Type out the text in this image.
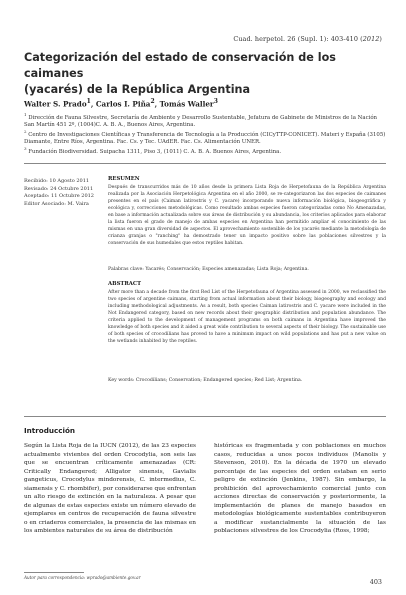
Cuad. herpetol. 26 (Supl. 1): 403-410 (2012)
Categorización del estado de conservación de los caimanes
(yacarés) de la República Argentina
Walter S. Prado$^1$, Carlos I. Piña$^2$, Tomás Waller$^3$
$^1$ Dirección de Fauna Silvestre, Secretaría de Ambiente y Desarrollo Sustentable, Jefatura de Gabinete de Ministros de la Nación San Martín 451 2º, (1004)C. A. B. A., Buenos Aires, Argentina.
$^2$ Centro de Investigaciones Científicas y Transferencia de Tecnología a la Producción (CICyTTP-CONICET). Materi y España (3105) Diamante, Entre Ríos, Argentina. Fac. Cs. y Tec. UAdER. Fac. Cs. Alimentación UNER.
$^3$ Fundación Biodiversidad. Suipacha 1311, Piso 3, (1011) C. A. B. A. Buenos Aires, Argentina.
Recibido: 10 Agosto 2011
Revisado: 24 Octubre 2011
Aceptado: 11 Octubre 2012
Editor Asociado: M. Vaira
RESUMEN
Después de transcurridos más de 10 años desde la primera Lista Roja de Herpetofauna de la República Argentina realizada por la Asociación Herpetológica Argentina en el año 2000, se re-categorizaron las dos especies de caimanes presentes en el país (Caiman latirostris y C. yacare) incorporando nueva información biológica, biogeográfica y ecológica y, correcciones metodológicas. Como resultado ambas especies fueron categorizadas como No Amenazadas, en base a información actualizada sobre sus áreas de distribución y su abundancia, los criterios aplicados para elaborar la lista fueron el grado de manejo de ambas especies en Argentina han permitido ampliar el conocimiento de las mismas en una gran diversidad de aspectos. El aprovechamiento sostenible de los yacarés mediante la metodología de crianza granjas o "ranching" ha demostrado tener un impacto positivo sobre las poblaciones silvestres y la conservación de sus humedales que estos reptiles habitan.
Palabras clave: Yacarés; Conservación; Especies amenazadas; Lista Roja; Argentina.
ABSTRACT
After more than a decade from the first Red List of the Herpetofauna of Argentina assessed in 2000, we reclassified the two species of argentine caimans, starting from actual information about their biology, biogeography and ecology and including methodological adjustments. As a result, both species Caiman latirostris and C. yacare were included in the Not Endangered category, based on new records about their geographic distribution and population abundance. The criteria applied to the development of management programs on both caimans in Argentina have improved the knowledge of both species and it aided a great wide contribution to several aspects of their biology. The sustainable use of both species of crocodilians has proved to have a minimum impact on wild populations and has put a new value on the wetlands inhabited by the reptiles.
Key words: Crocodilians; Conservation; Endangered species; Red List; Argentina.
Introducción
Según la Lista Roja de la IUCN (2012), de las 23 especies actualmente vivientes del orden Crocodylia, son seis las que se encuentran críticamente amenazadas (CR: Critically Endangered; Alligator sinensis, Gavialis gangeticus, Crocodylus mindorensis, C. intermedius, C. siamensis y C. rhombifer), por considerarse que enfrentan un alto riesgo de extinción en la naturaleza. A pesar que de algunas de estas especies existe un número elevado de ejemplares en centros de recuperación de fauna silvestre o en criaderos comerciales, la presencia de las mismas en los ambientes naturales de su área de distribución
históricas es fragmentada y con poblaciones en muchos casos, reducidas a unos pocos individuos (Manolis y Stevenson, 2010). En la década de 1970 un elevado porcentaje de las especies del orden estaban en serio peligro de extinción (Jenkins, 1987). Sin embargo, la prohibición del aprovechamiento comercial junto con acciones directas de conservación y posteriormente, la implementación de planes de manejo basados en metodologías biológicamente sustentables contribuyeron a modificar sustancialmente la situación de las poblaciones silvestres de los Crocodylia (Ross, 1998;
Autor para correspondencia: wprado@ambiente.gov.ar
403
